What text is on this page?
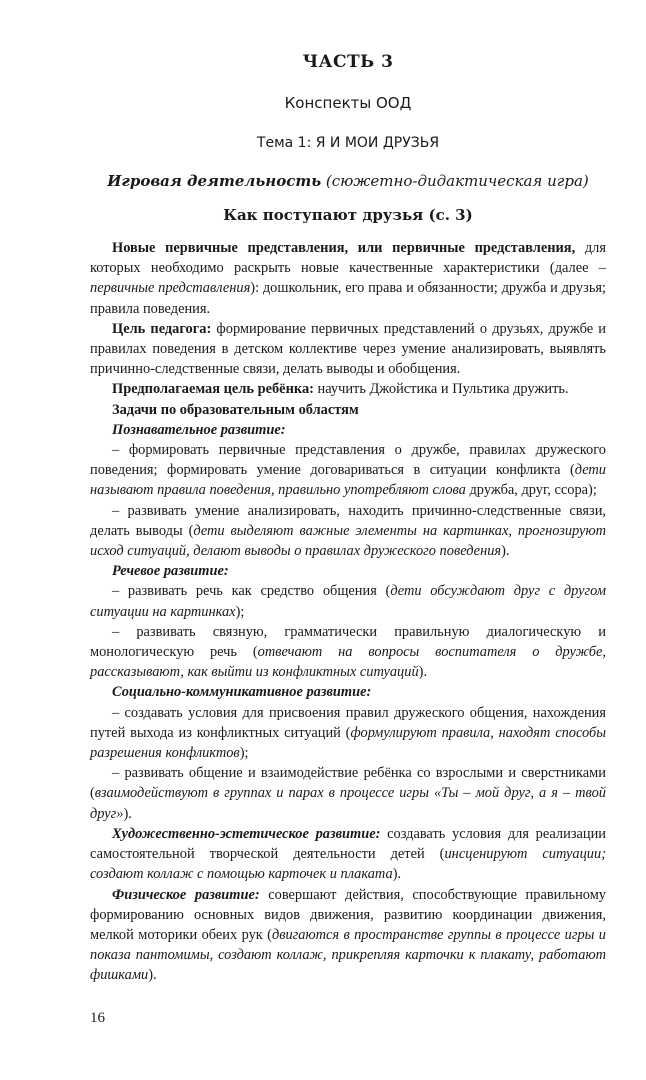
ЧАСТЬ 3
Конспекты ООД
Тема 1: Я И МОИ ДРУЗЬЯ
Игровая деятельность (сюжетно-дидактическая игра)
Как поступают друзья (с. 3)

Новые первичные представления, или первичные представления, для которых необходимо раскрыть новые качественные характеристики (далее – первичные представления): дошкольник, его права и обязанности; дружба и друзья; правила поведения.

Цель педагога: формирование первичных представлений о друзьях, дружбе и правилах поведения в детском коллективе через умение анализировать, выявлять причинно-следственные связи, делать выводы и обобщения.

Предполагаемая цель ребёнка: научить Джойстика и Пультика дружить.

Задачи по образовательным областям

Познавательное развитие:

– формировать первичные представления о дружбе, правилах дружеского поведения; формировать умение договариваться в ситуации конфликта (дети называют правила поведения, правильно употребляют слова дружба, друг, ссора);

– развивать умение анализировать, находить причинно-следственные связи, делать выводы (дети выделяют важные элементы на картинках, прогнозируют исход ситуаций, делают выводы о правилах дружеского поведения).

Речевое развитие:

– развивать речь как средство общения (дети обсуждают друг с другом ситуации на картинках);

– развивать связную, грамматически правильную диалогическую и монологическую речь (отвечают на вопросы воспитателя о дружбе, рассказывают, как выйти из конфликтных ситуаций).

Социально-коммуникативное развитие:

– создавать условия для присвоения правил дружеского общения, нахождения путей выхода из конфликтных ситуаций (формулируют правила, находят способы разрешения конфликтов);

– развивать общение и взаимодействие ребёнка со взрослыми и сверстниками (взаимодействуют в группах и парах в процессе игры «Ты – мой друг, а я – твой друг»).

Художественно-эстетическое развитие: создавать условия для реализации самостоятельной творческой деятельности детей (инсценируют ситуации; создают коллаж с помощью карточек и плаката).

Физическое развитие: совершают действия, способствующие правильному формированию основных видов движения, развитию координации движения, мелкой моторики обеих рук (двигаются в пространстве группы в процессе игры и показа пантомимы, создают коллаж, прикрепляя карточки к плакату, работают фишками).

16
